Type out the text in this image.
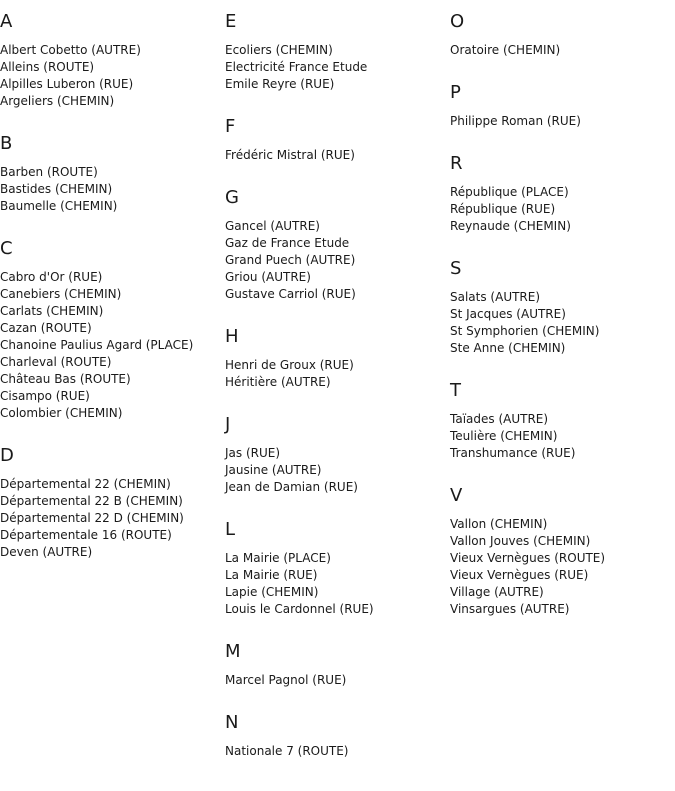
A
Albert Cobetto (AUTRE)
Alleins (ROUTE)
Alpilles Luberon (RUE)
Argeliers (CHEMIN)
B
Barben (ROUTE)
Bastides (CHEMIN)
Baumelle (CHEMIN)
C
Cabro d'Or (RUE)
Canebiers (CHEMIN)
Carlats (CHEMIN)
Cazan (ROUTE)
Chanoine Paulius Agard (PLACE)
Charleval (ROUTE)
Château Bas (ROUTE)
Cisampo (RUE)
Colombier (CHEMIN)
D
Départemental 22 (CHEMIN)
Départemental 22 B (CHEMIN)
Départemental 22 D (CHEMIN)
Départementale 16 (ROUTE)
Deven (AUTRE)
E
Ecoliers (CHEMIN)
Electricité France Etude
Emile Reyre (RUE)
F
Frédéric Mistral (RUE)
G
Gancel (AUTRE)
Gaz de France Etude
Grand Puech (AUTRE)
Griou (AUTRE)
Gustave Carriol (RUE)
H
Henri de Groux (RUE)
Héritière (AUTRE)
J
Jas (RUE)
Jausine (AUTRE)
Jean de Damian (RUE)
L
La Mairie (PLACE)
La Mairie (RUE)
Lapie (CHEMIN)
Louis le Cardonnel (RUE)
M
Marcel Pagnol (RUE)
N
Nationale 7 (ROUTE)
O
Oratoire (CHEMIN)
P
Philippe Roman (RUE)
R
République (PLACE)
République (RUE)
Reynaude (CHEMIN)
S
Salats (AUTRE)
St Jacques (AUTRE)
St Symphorien (CHEMIN)
Ste Anne (CHEMIN)
T
Taïades (AUTRE)
Teulière (CHEMIN)
Transhumance (RUE)
V
Vallon (CHEMIN)
Vallon Jouves (CHEMIN)
Vieux Vernègues (ROUTE)
Vieux Vernègues (RUE)
Village (AUTRE)
Vinsargues (AUTRE)
